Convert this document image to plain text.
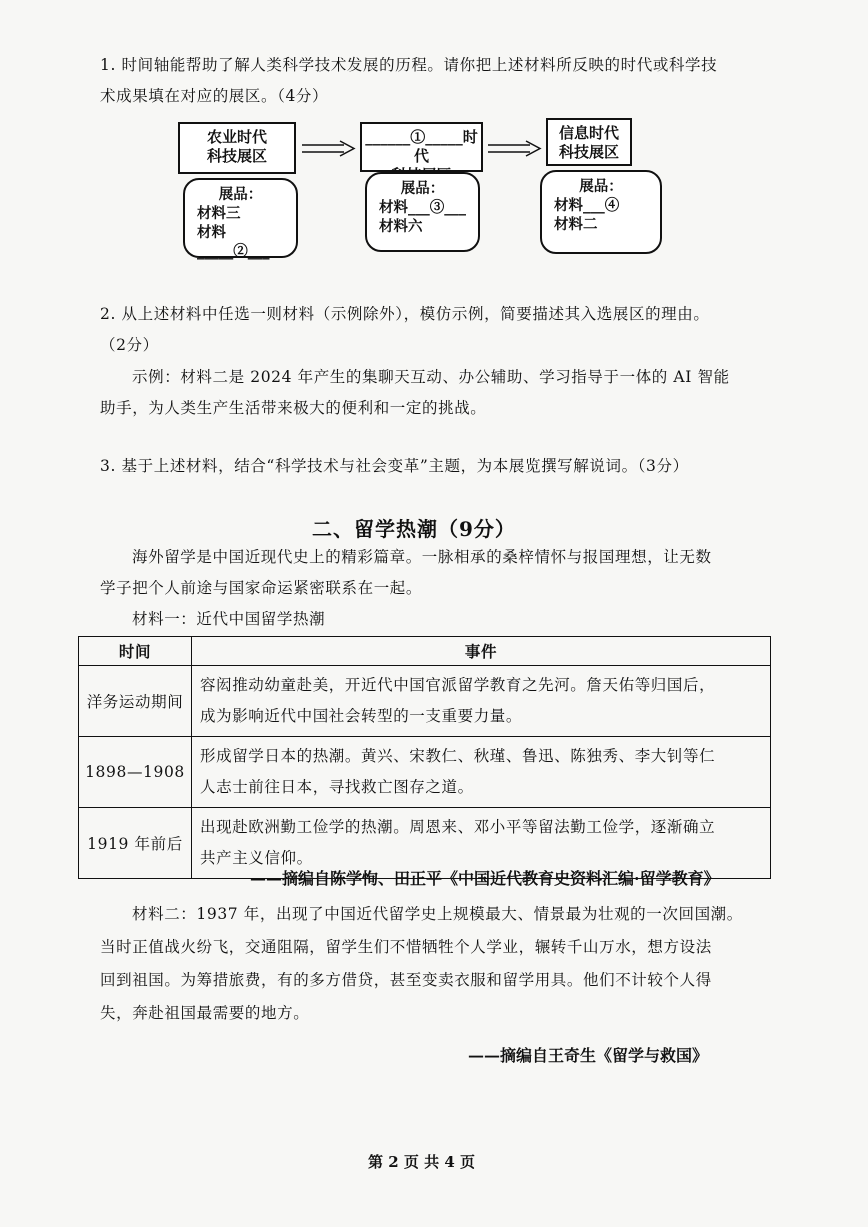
1. 时间轴能帮助了解人类科学技术发展的历程。请你把上述材料所反映的时代或科学技
术成果填在对应的展区。（4分）
农业时代
科技展区
______①_____时代
信息时代
科技展区
展品：
材料三
材料_____②___
展品：
材料___③___
材料六
展品：
材料___④
材料二
2. 从上述材料中任选一则材料（示例除外），模仿示例，简要描述其入选展区的理由。
（2分）
示例：材料二是 2024 年产生的集聊天互动、办公辅助、学习指导于一体的 AI 智能
助手，为人类生产生活带来极大的便利和一定的挑战。
3. 基于上述材料，结合“科学技术与社会变革”主题，为本展览撰写解说词。（3分）
二、留学热潮（9分）
海外留学是中国近现代史上的精彩篇章。一脉相承的桑梓情怀与报国理想，让无数
学子把个人前途与国家命运紧密联系在一起。
材料一：近代中国留学热潮
时间	事件
洋务运动期间	容闳推动幼童赴美，开近代中国官派留学教育之先河。詹天佑等归国后，
成为影响近代中国社会转型的一支重要力量。

1898—1908	形成留学日本的热潮。黄兴、宋教仁、秋瑾、鲁迅、陈独秀、李大钊等仁
人志士前往日本，寻找救亡图存之道。

1919 年前后	出现赴欧洲勤工俭学的热潮。周恩来、邓小平等留法勤工俭学，逐渐确立
共产主义信仰。
——摘编自陈学恂、田正平《中国近代教育史资料汇编·留学教育》
材料二：1937 年，出现了中国近代留学史上规模最大、情景最为壮观的一次回国潮。
当时正值战火纷飞，交通阻隔，留学生们不惜牺牲个人学业，辗转千山万水，想方设法
回到祖国。为筹措旅费，有的多方借贷，甚至变卖衣服和留学用具。他们不计较个人得
失，奔赴祖国最需要的地方。
——摘编自王奇生《留学与救国》
第 2 页 共 4 页
